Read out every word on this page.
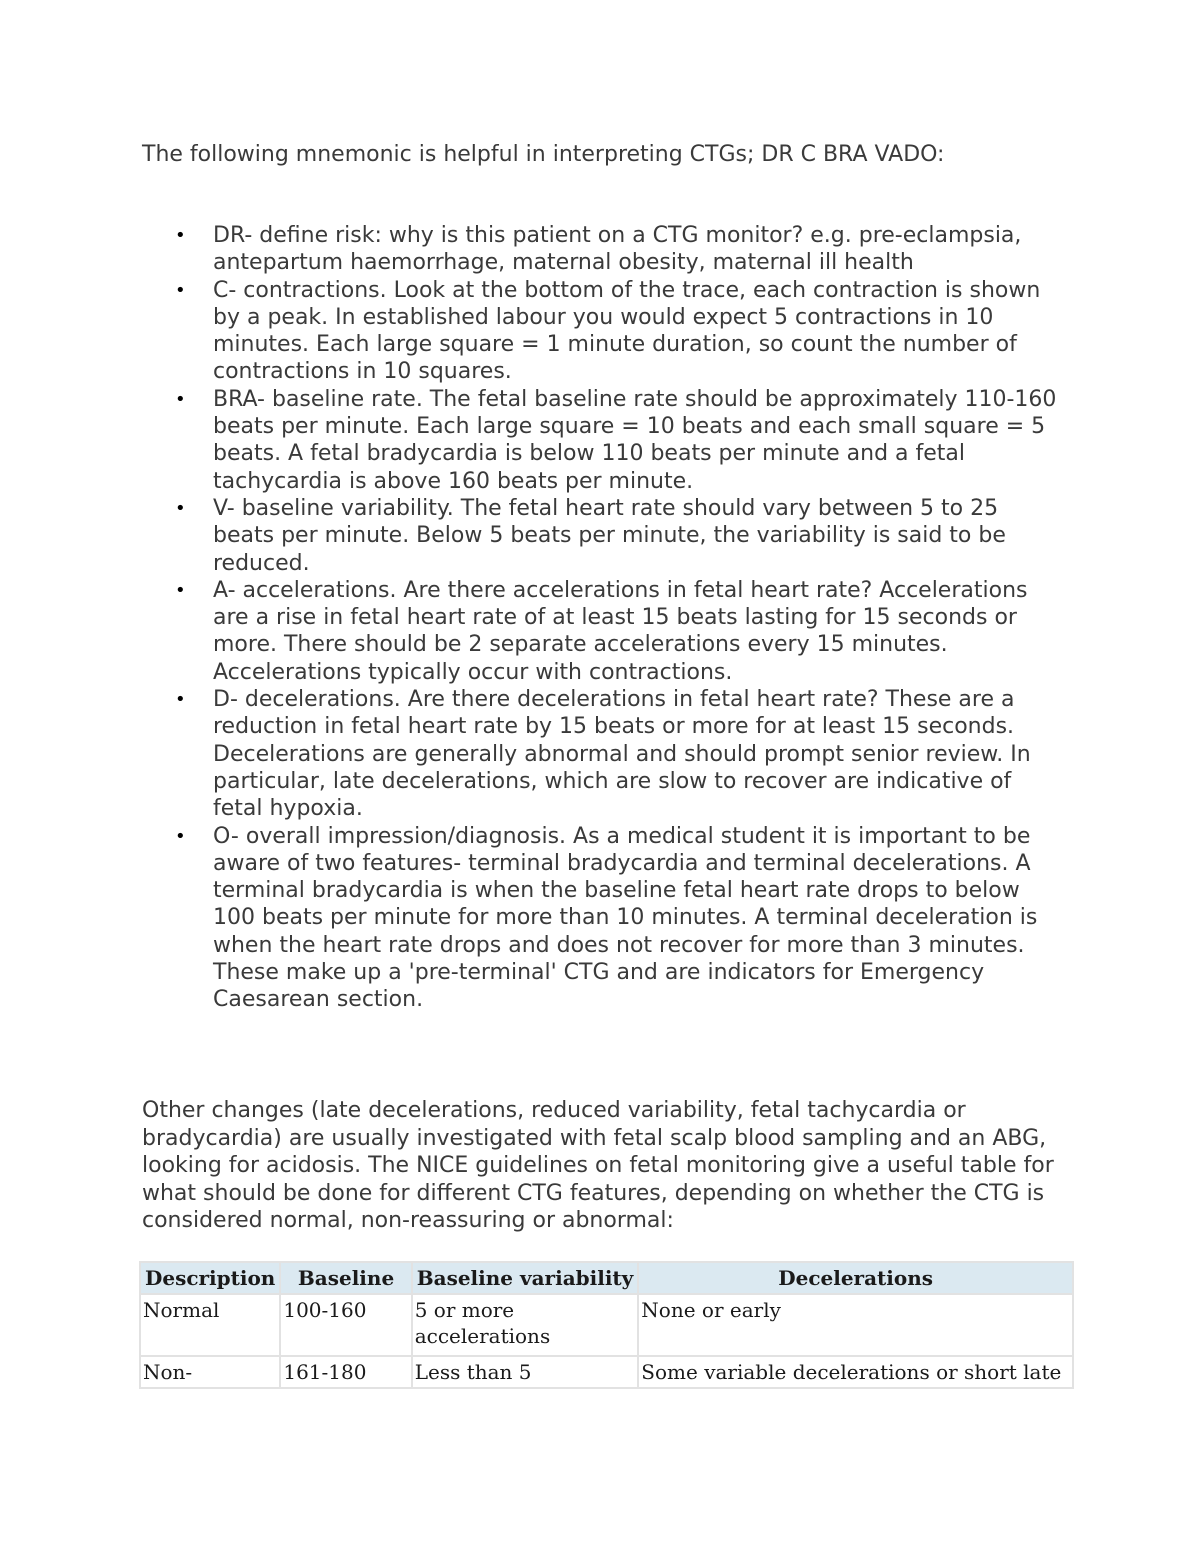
The following mnemonic is helpful in interpreting CTGs; DR C BRA VADO:

• DR- define risk: why is this patient on a CTG monitor? e.g. pre-eclampsia, antepartum haemorrhage, maternal obesity, maternal ill health
• C- contractions. Look at the bottom of the trace, each contraction is shown by a peak. In established labour you would expect 5 contractions in 10 minutes. Each large square = 1 minute duration, so count the number of contractions in 10 squares.
• BRA- baseline rate. The fetal baseline rate should be approximately 110-160 beats per minute. Each large square = 10 beats and each small square = 5 beats. A fetal bradycardia is below 110 beats per minute and a fetal tachycardia is above 160 beats per minute.
• V- baseline variability. The fetal heart rate should vary between 5 to 25 beats per minute. Below 5 beats per minute, the variability is said to be reduced.
• A- accelerations. Are there accelerations in fetal heart rate? Accelerations are a rise in fetal heart rate of at least 15 beats lasting for 15 seconds or more. There should be 2 separate accelerations every 15 minutes. Accelerations typically occur with contractions.
• D- decelerations. Are there decelerations in fetal heart rate? These are a reduction in fetal heart rate by 15 beats or more for at least 15 seconds. Decelerations are generally abnormal and should prompt senior review. In particular, late decelerations, which are slow to recover are indicative of fetal hypoxia.
• O- overall impression/diagnosis. As a medical student it is important to be aware of two features- terminal bradycardia and terminal decelerations. A terminal bradycardia is when the baseline fetal heart rate drops to below 100 beats per minute for more than 10 minutes. A terminal deceleration is when the heart rate drops and does not recover for more than 3 minutes. These make up a 'pre-terminal' CTG and are indicators for Emergency Caesarean section.

Other changes (late decelerations, reduced variability, fetal tachycardia or bradycardia) are usually investigated with fetal scalp blood sampling and an ABG, looking for acidosis. The NICE guidelines on fetal monitoring give a useful table for what should be done for different CTG features, depending on whether the CTG is considered normal, non-reassuring or abnormal:

Description	Baseline	Baseline variability	Decelerations
Normal	100-160	5 or more accelerations	None or early
Non-	161-180	Less than 5	Some variable decelerations or short late
